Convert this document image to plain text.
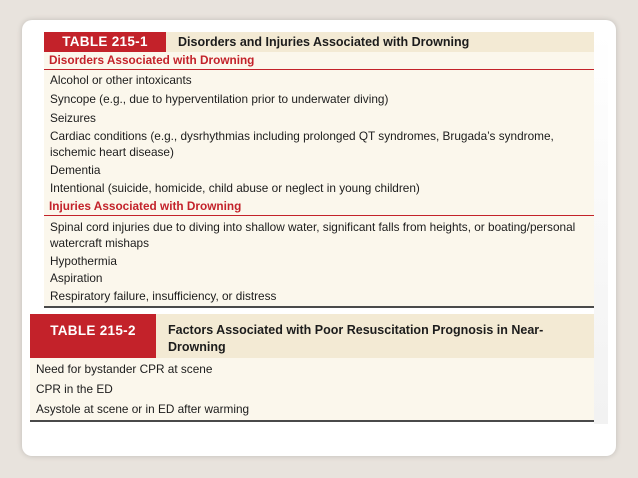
TABLE 215-1	Disorders and Injuries Associated with Drowning
Disorders Associated with Drowning
Alcohol or other intoxicants
Syncope (e.g., due to hyperventilation prior to underwater diving)
Seizures
Cardiac conditions (e.g., dysrhythmias including prolonged QT syndromes, Brugada’s syndrome, ischemic heart disease)
Dementia
Intentional (suicide, homicide, child abuse or neglect in young children)
Injuries Associated with Drowning
Spinal cord injuries due to diving into shallow water, significant falls from heights, or boating/personal watercraft mishaps
Hypothermia
Aspiration
Respiratory failure, insufficiency, or distress
TABLE 215-2	Factors Associated with Poor Resuscitation Prognosis in Near-Drowning
Need for bystander CPR at scene
CPR in the ED
Asystole at scene or in ED after warming
